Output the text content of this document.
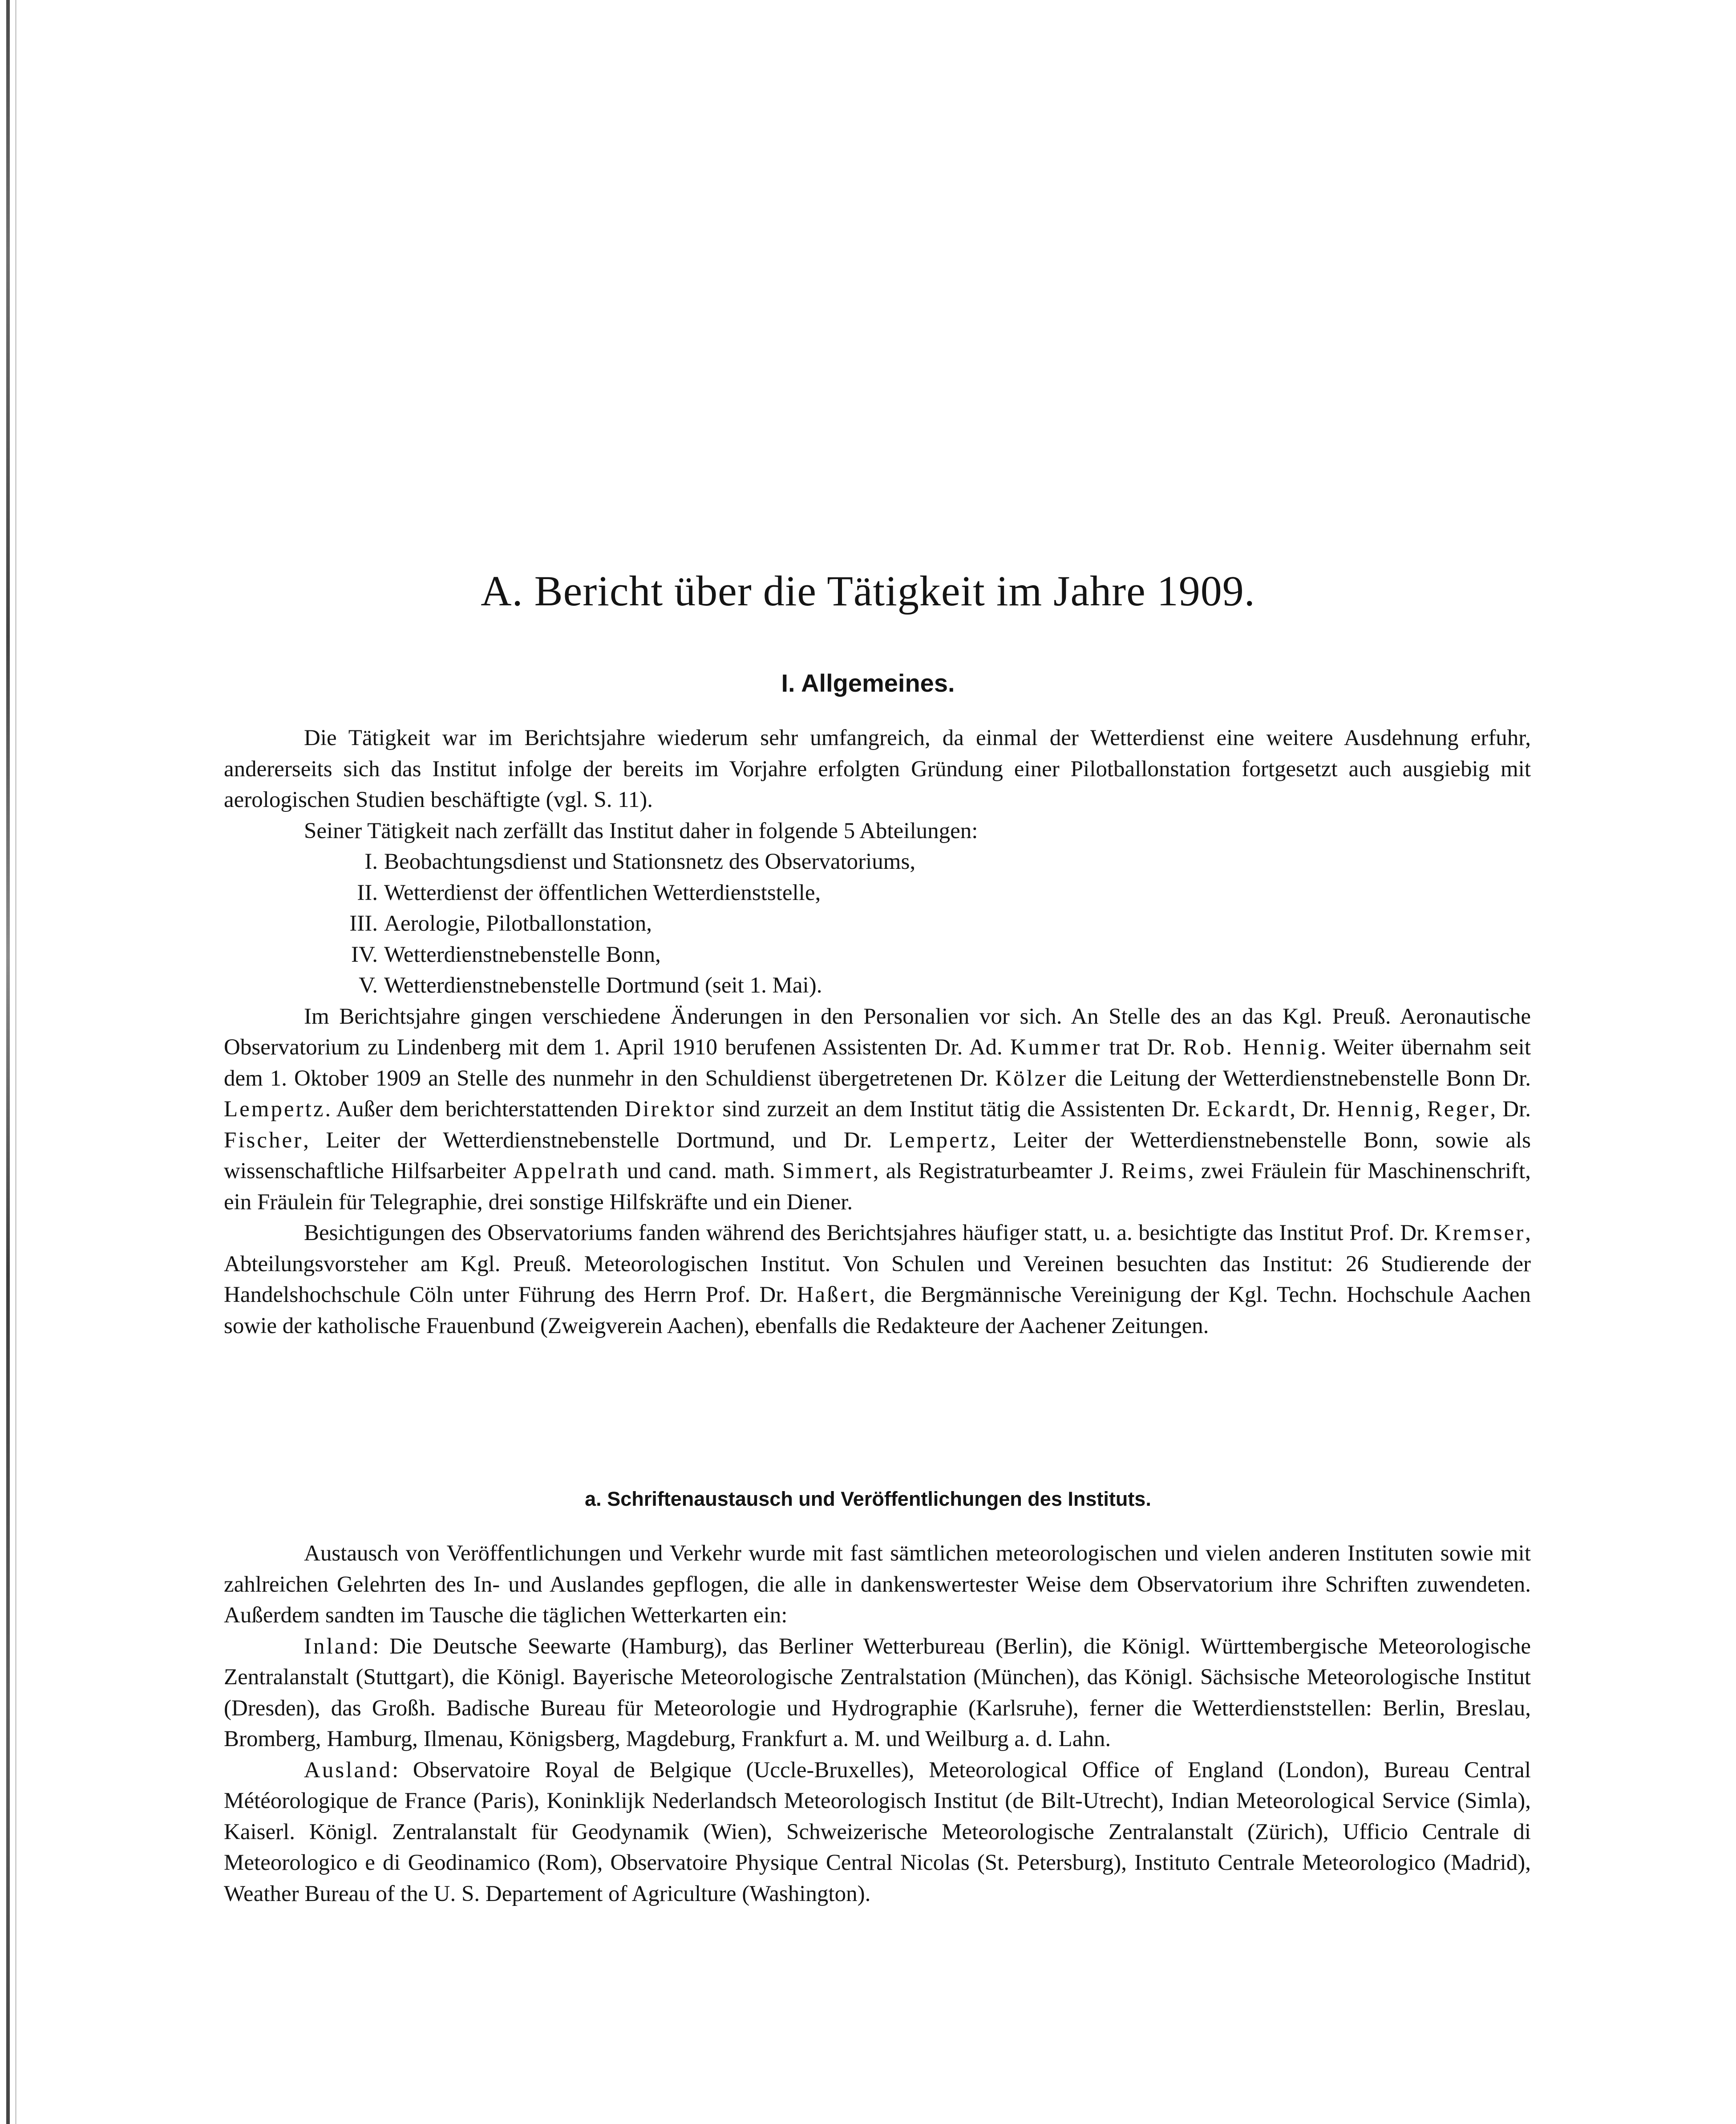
A. Bericht über die Tätigkeit im Jahre 1909.
I. Allgemeines.

Die Tätigkeit war im Berichtsjahre wiederum sehr umfangreich, da einmal der Wetterdienst eine weitere Ausdehnung erfuhr, andererseits sich das Institut infolge der bereits im Vorjahre erfolgten Gründung einer Pilotballonstation fortgesetzt auch ausgiebig mit aerologischen Studien beschäftigte (vgl. S. 11).

Seiner Tätigkeit nach zerfällt das Institut daher in folgende 5 Abteilungen:

I. Beobachtungsdienst und Stationsnetz des Observatoriums,
II. Wetterdienst der öffentlichen Wetterdienststelle,
III. Aerologie, Pilotballonstation,
IV. Wetterdienstnebenstelle Bonn,
V. Wetterdienstnebenstelle Dortmund (seit 1. Mai).

Im Berichtsjahre gingen verschiedene Änderungen in den Personalien vor sich. An Stelle des an das Kgl. Preuß. Aeronautische Observatorium zu Lindenberg mit dem 1. April 1910 berufenen Assistenten Dr. Ad. Kummer trat Dr. Rob. Hennig. Weiter übernahm seit dem 1. Oktober 1909 an Stelle des nunmehr in den Schuldienst übergetretenen Dr. Kölzer die Leitung der Wetterdienstnebenstelle Bonn Dr. Lempertz. Außer dem berichterstattenden Direktor sind zurzeit an dem Institut tätig die Assistenten Dr. Eckardt, Dr. Hennig, Reger, Dr. Fischer, Leiter der Wetterdienstnebenstelle Dortmund, und Dr. Lempertz, Leiter der Wetterdienstnebenstelle Bonn, sowie als wissenschaftliche Hilfsarbeiter Appelrath und cand. math. Simmert, als Registraturbeamter J. Reims, zwei Fräulein für Maschinenschrift, ein Fräulein für Telegraphie, drei sonstige Hilfskräfte und ein Diener.

Besichtigungen des Observatoriums fanden während des Berichtsjahres häufiger statt, u. a. besichtigte das Institut Prof. Dr. Kremser, Abteilungsvorsteher am Kgl. Preuß. Meteorologischen Institut. Von Schulen und Vereinen besuchten das Institut: 26 Studierende der Handelshochschule Cöln unter Führung des Herrn Prof. Dr. Haßert, die Bergmännische Vereinigung der Kgl. Techn. Hochschule Aachen sowie der katholische Frauenbund (Zweigverein Aachen), ebenfalls die Redakteure der Aachener Zeitungen.

a. Schriftenaustausch und Veröffentlichungen des Instituts.

Austausch von Veröffentlichungen und Verkehr wurde mit fast sämtlichen meteorologischen und vielen anderen Instituten sowie mit zahlreichen Gelehrten des In- und Auslandes gepflogen, die alle in dankenswertester Weise dem Observatorium ihre Schriften zuwendeten. Außerdem sandten im Tausche die täglichen Wetterkarten ein:

Inland: Die Deutsche Seewarte (Hamburg), das Berliner Wetterbureau (Berlin), die Königl. Württembergische Meteorologische Zentralanstalt (Stuttgart), die Königl. Bayerische Meteorologische Zentralstation (München), das Königl. Sächsische Meteorologische Institut (Dresden), das Großh. Badische Bureau für Meteorologie und Hydrographie (Karlsruhe), ferner die Wetterdienststellen: Berlin, Breslau, Bromberg, Hamburg, Ilmenau, Königsberg, Magdeburg, Frankfurt a. M. und Weilburg a. d. Lahn.

Ausland: Observatoire Royal de Belgique (Uccle-Bruxelles), Meteorological Office of England (London), Bureau Central Météorologique de France (Paris), Koninklijk Nederlandsch Meteorologisch Institut (de Bilt-Utrecht), Indian Meteorological Service (Simla), Kaiserl. Königl. Zentralanstalt für Geodynamik (Wien), Schweizerische Meteorologische Zentralanstalt (Zürich), Ufficio Centrale di Meteorologico e di Geodinamico (Rom), Observatoire Physique Central Nicolas (St. Petersburg), Instituto Centrale Meteorologico (Madrid), Weather Bureau of the U. S. Departement of Agriculture (Washington).
